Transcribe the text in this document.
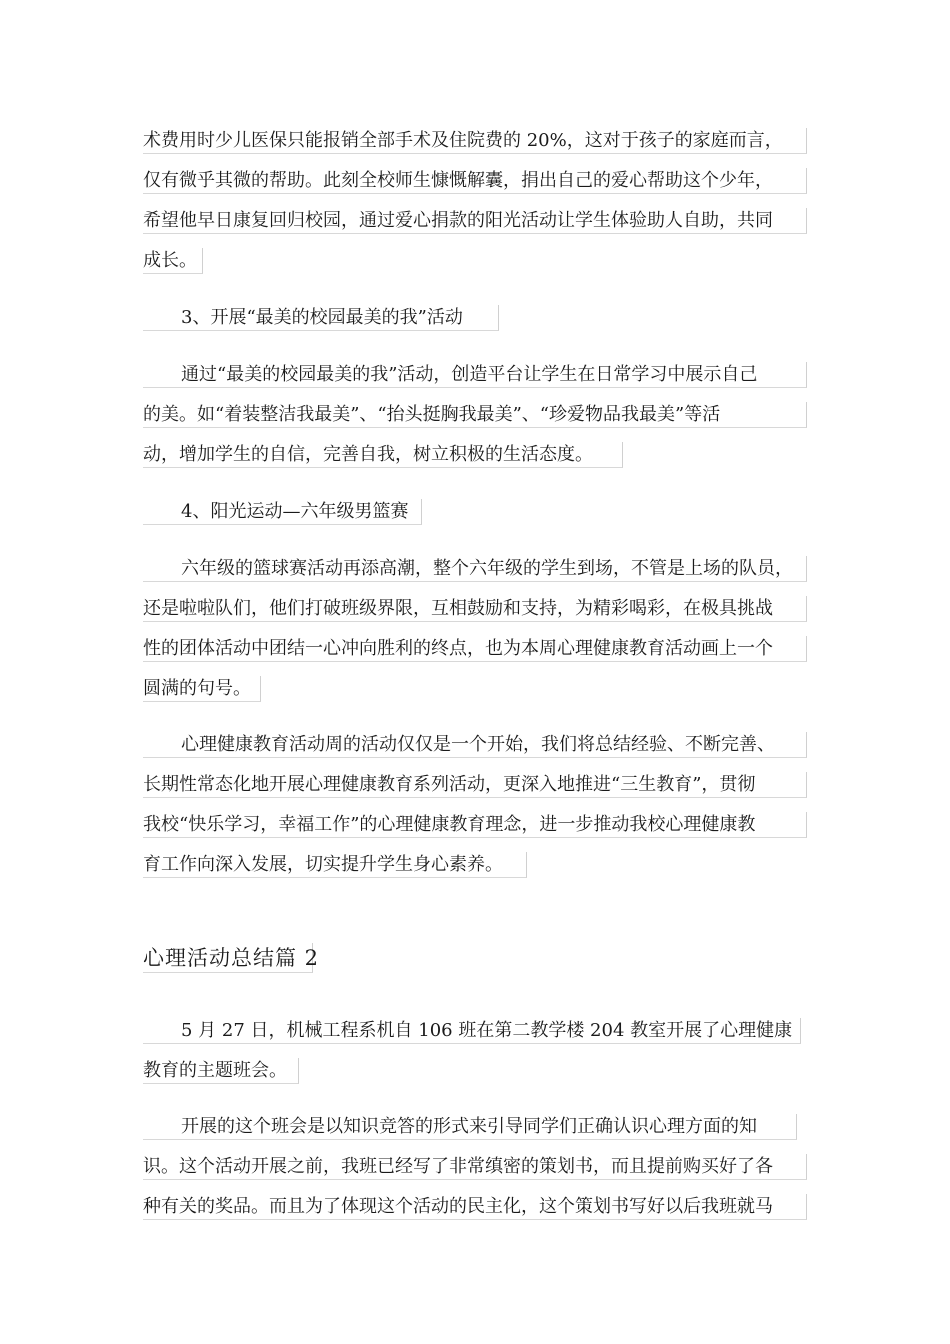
术费用时少儿医保只能报销全部手术及住院费的 20%，这对于孩子的家庭而言，
仅有微乎其微的帮助。此刻全校师生慷慨解囊，捐出自己的爱心帮助这个少年，
希望他早日康复回归校园，通过爱心捐款的阳光活动让学生体验助人自助，共同
成长。
3、开展“最美的校园最美的我”活动
通过“最美的校园最美的我”活动，创造平台让学生在日常学习中展示自己
的美。如“着装整洁我最美”、“抬头挺胸我最美”、“珍爱物品我最美”等活
动，增加学生的自信，完善自我，树立积极的生活态度。
4、阳光运动—六年级男篮赛
六年级的篮球赛活动再添高潮，整个六年级的学生到场，不管是上场的队员，
还是啦啦队们，他们打破班级界限，互相鼓励和支持，为精彩喝彩，在极具挑战
性的团体活动中团结一心冲向胜利的终点，也为本周心理健康教育活动画上一个
圆满的句号。
心理健康教育活动周的活动仅仅是一个开始，我们将总结经验、不断完善、
长期性常态化地开展心理健康教育系列活动，更深入地推进“三生教育”，贯彻
我校“快乐学习，幸福工作”的心理健康教育理念，进一步推动我校心理健康教
育工作向深入发展，切实提升学生身心素养。
心理活动总结篇 2
5 月 27 日，机械工程系机自 106 班在第二教学楼 204 教室开展了心理健康
教育的主题班会。
开展的这个班会是以知识竞答的形式来引导同学们正确认识心理方面的知
识。这个活动开展之前，我班已经写了非常缜密的策划书，而且提前购买好了各
种有关的奖品。而且为了体现这个活动的民主化，这个策划书写好以后我班就马
